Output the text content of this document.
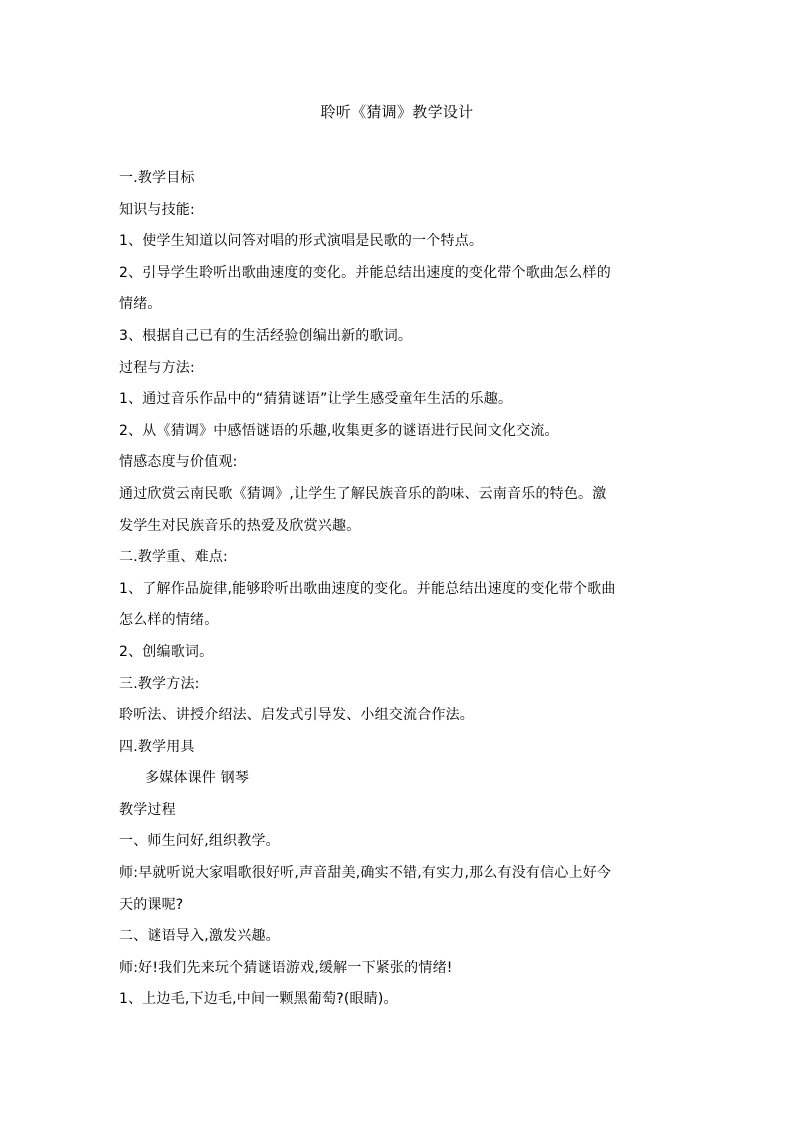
聆听《猜调》教学设计
一.教学目标
知识与技能:
1、使学生知道以问答对唱的形式演唱是民歌的一个特点。
2、引导学生聆听出歌曲速度的变化。并能总结出速度的变化带个歌曲怎么样的
情绪。
3、根据自己已有的生活经验创编出新的歌词。
过程与方法:
1、通过音乐作品中的“猜猜谜语”让学生感受童年生活的乐趣。
2、从《猜调》中感悟谜语的乐趣,收集更多的谜语进行民间文化交流。
情感态度与价值观:
通过欣赏云南民歌《猜调》,让学生了解民族音乐的韵味、云南音乐的特色。激
发学生对民族音乐的热爱及欣赏兴趣。
二.教学重、难点:
1、了解作品旋律,能够聆听出歌曲速度的变化。并能总结出速度的变化带个歌曲
怎么样的情绪。
2、创编歌词。
三.教学方法:
聆听法、讲授介绍法、启发式引导发、小组交流合作法。
四.教学用具
多媒体课件 钢琴
教学过程
一、师生问好,组织教学。
师:早就听说大家唱歌很好听,声音甜美,确实不错,有实力,那么有没有信心上好今
天的课呢?
二、谜语导入,激发兴趣。
师:好!我们先来玩个猜谜语游戏,缓解一下紧张的情绪!
1、上边毛,下边毛,中间一颗黑葡萄?(眼睛)。
